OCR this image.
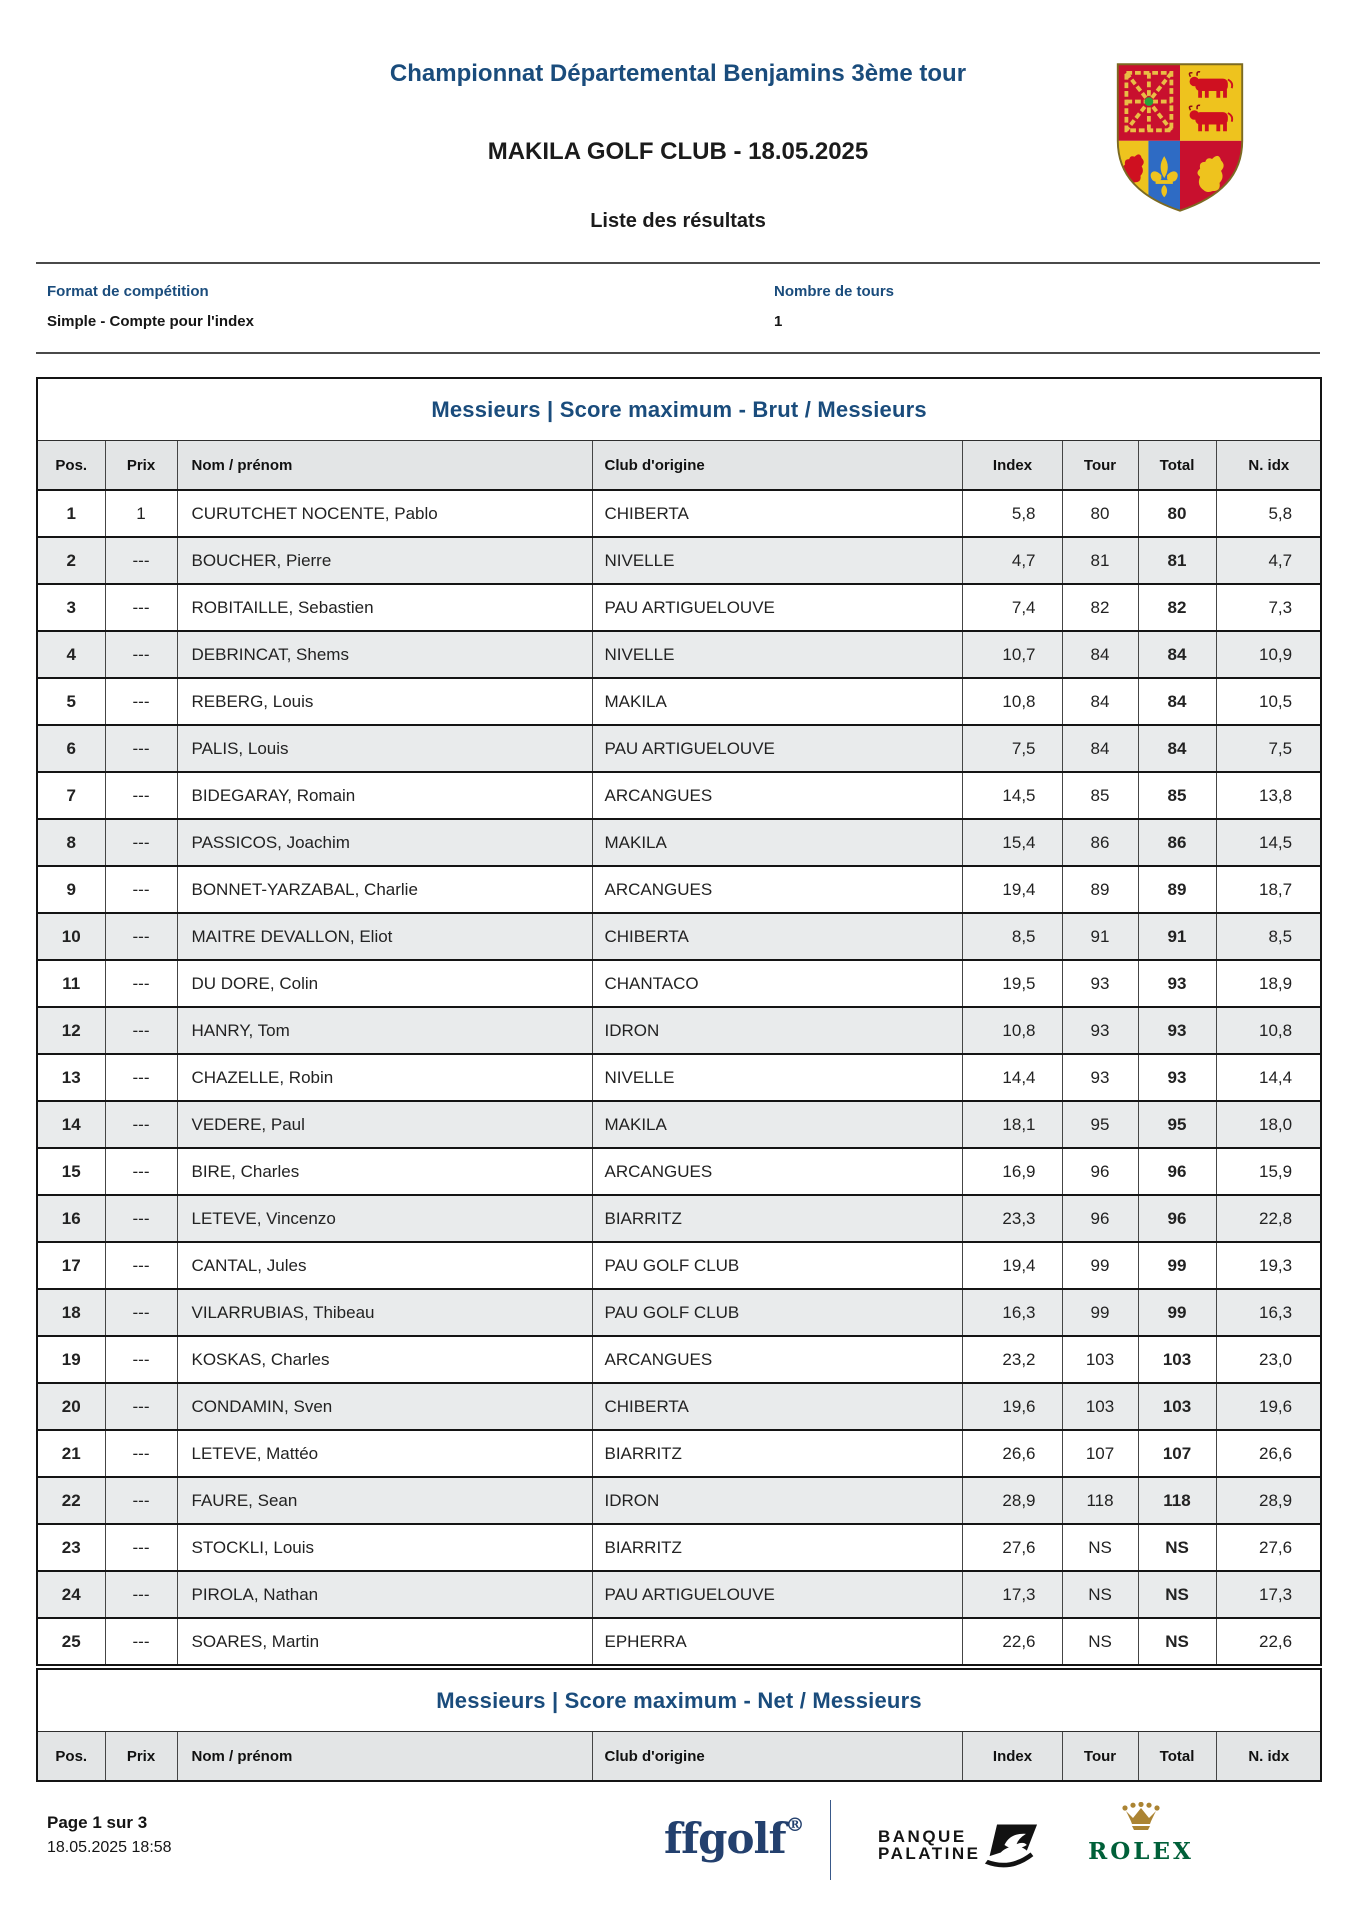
Championnat Départemental Benjamins 3ème tour
MAKILA GOLF CLUB - 18.05.2025
Liste des résultats
Format de compétition
Simple - Compte pour l'index
Nombre de tours
1
Messieurs | Score maximum - Brut / Messieurs							
Pos.	Prix	Nom / prénom	Club d'origine	Index	Tour	Total	N. idx
1	1	CURUTCHET NOCENTE, Pablo	CHIBERTA	5,8	80	80	5,8
2	---	BOUCHER, Pierre	NIVELLE	4,7	81	81	4,7
3	---	ROBITAILLE, Sebastien	PAU ARTIGUELOUVE	7,4	82	82	7,3
4	---	DEBRINCAT, Shems	NIVELLE	10,7	84	84	10,9
5	---	REBERG, Louis	MAKILA	10,8	84	84	10,5
6	---	PALIS, Louis	PAU ARTIGUELOUVE	7,5	84	84	7,5
7	---	BIDEGARAY, Romain	ARCANGUES	14,5	85	85	13,8
8	---	PASSICOS, Joachim	MAKILA	15,4	86	86	14,5
9	---	BONNET-YARZABAL, Charlie	ARCANGUES	19,4	89	89	18,7
10	---	MAITRE DEVALLON, Eliot	CHIBERTA	8,5	91	91	8,5
11	---	DU DORE, Colin	CHANTACO	19,5	93	93	18,9
12	---	HANRY, Tom	IDRON	10,8	93	93	10,8
13	---	CHAZELLE, Robin	NIVELLE	14,4	93	93	14,4
14	---	VEDERE, Paul	MAKILA	18,1	95	95	18,0
15	---	BIRE, Charles	ARCANGUES	16,9	96	96	15,9
16	---	LETEVE, Vincenzo	BIARRITZ	23,3	96	96	22,8
17	---	CANTAL, Jules	PAU GOLF CLUB	19,4	99	99	19,3
18	---	VILARRUBIAS, Thibeau	PAU GOLF CLUB	16,3	99	99	16,3
19	---	KOSKAS, Charles	ARCANGUES	23,2	103	103	23,0
20	---	CONDAMIN, Sven	CHIBERTA	19,6	103	103	19,6
21	---	LETEVE, Mattéo	BIARRITZ	26,6	107	107	26,6
22	---	FAURE, Sean	IDRON	28,9	118	118	28,9
23	---	STOCKLI, Louis	BIARRITZ	27,6	NS	NS	27,6
24	---	PIROLA, Nathan	PAU ARTIGUELOUVE	17,3	NS	NS	17,3
25	---	SOARES, Martin	EPHERRA	22,6	NS	NS	22,6
Messieurs | Score maximum - Net / Messieurs
Pos.	Prix	Nom / prénom	Club d'origine	Index	Tour	Total	N. idx
Page 1 sur 3
18.05.2025 18:58	ffgolf®
BANQUE
PALATINE	ROLEX
